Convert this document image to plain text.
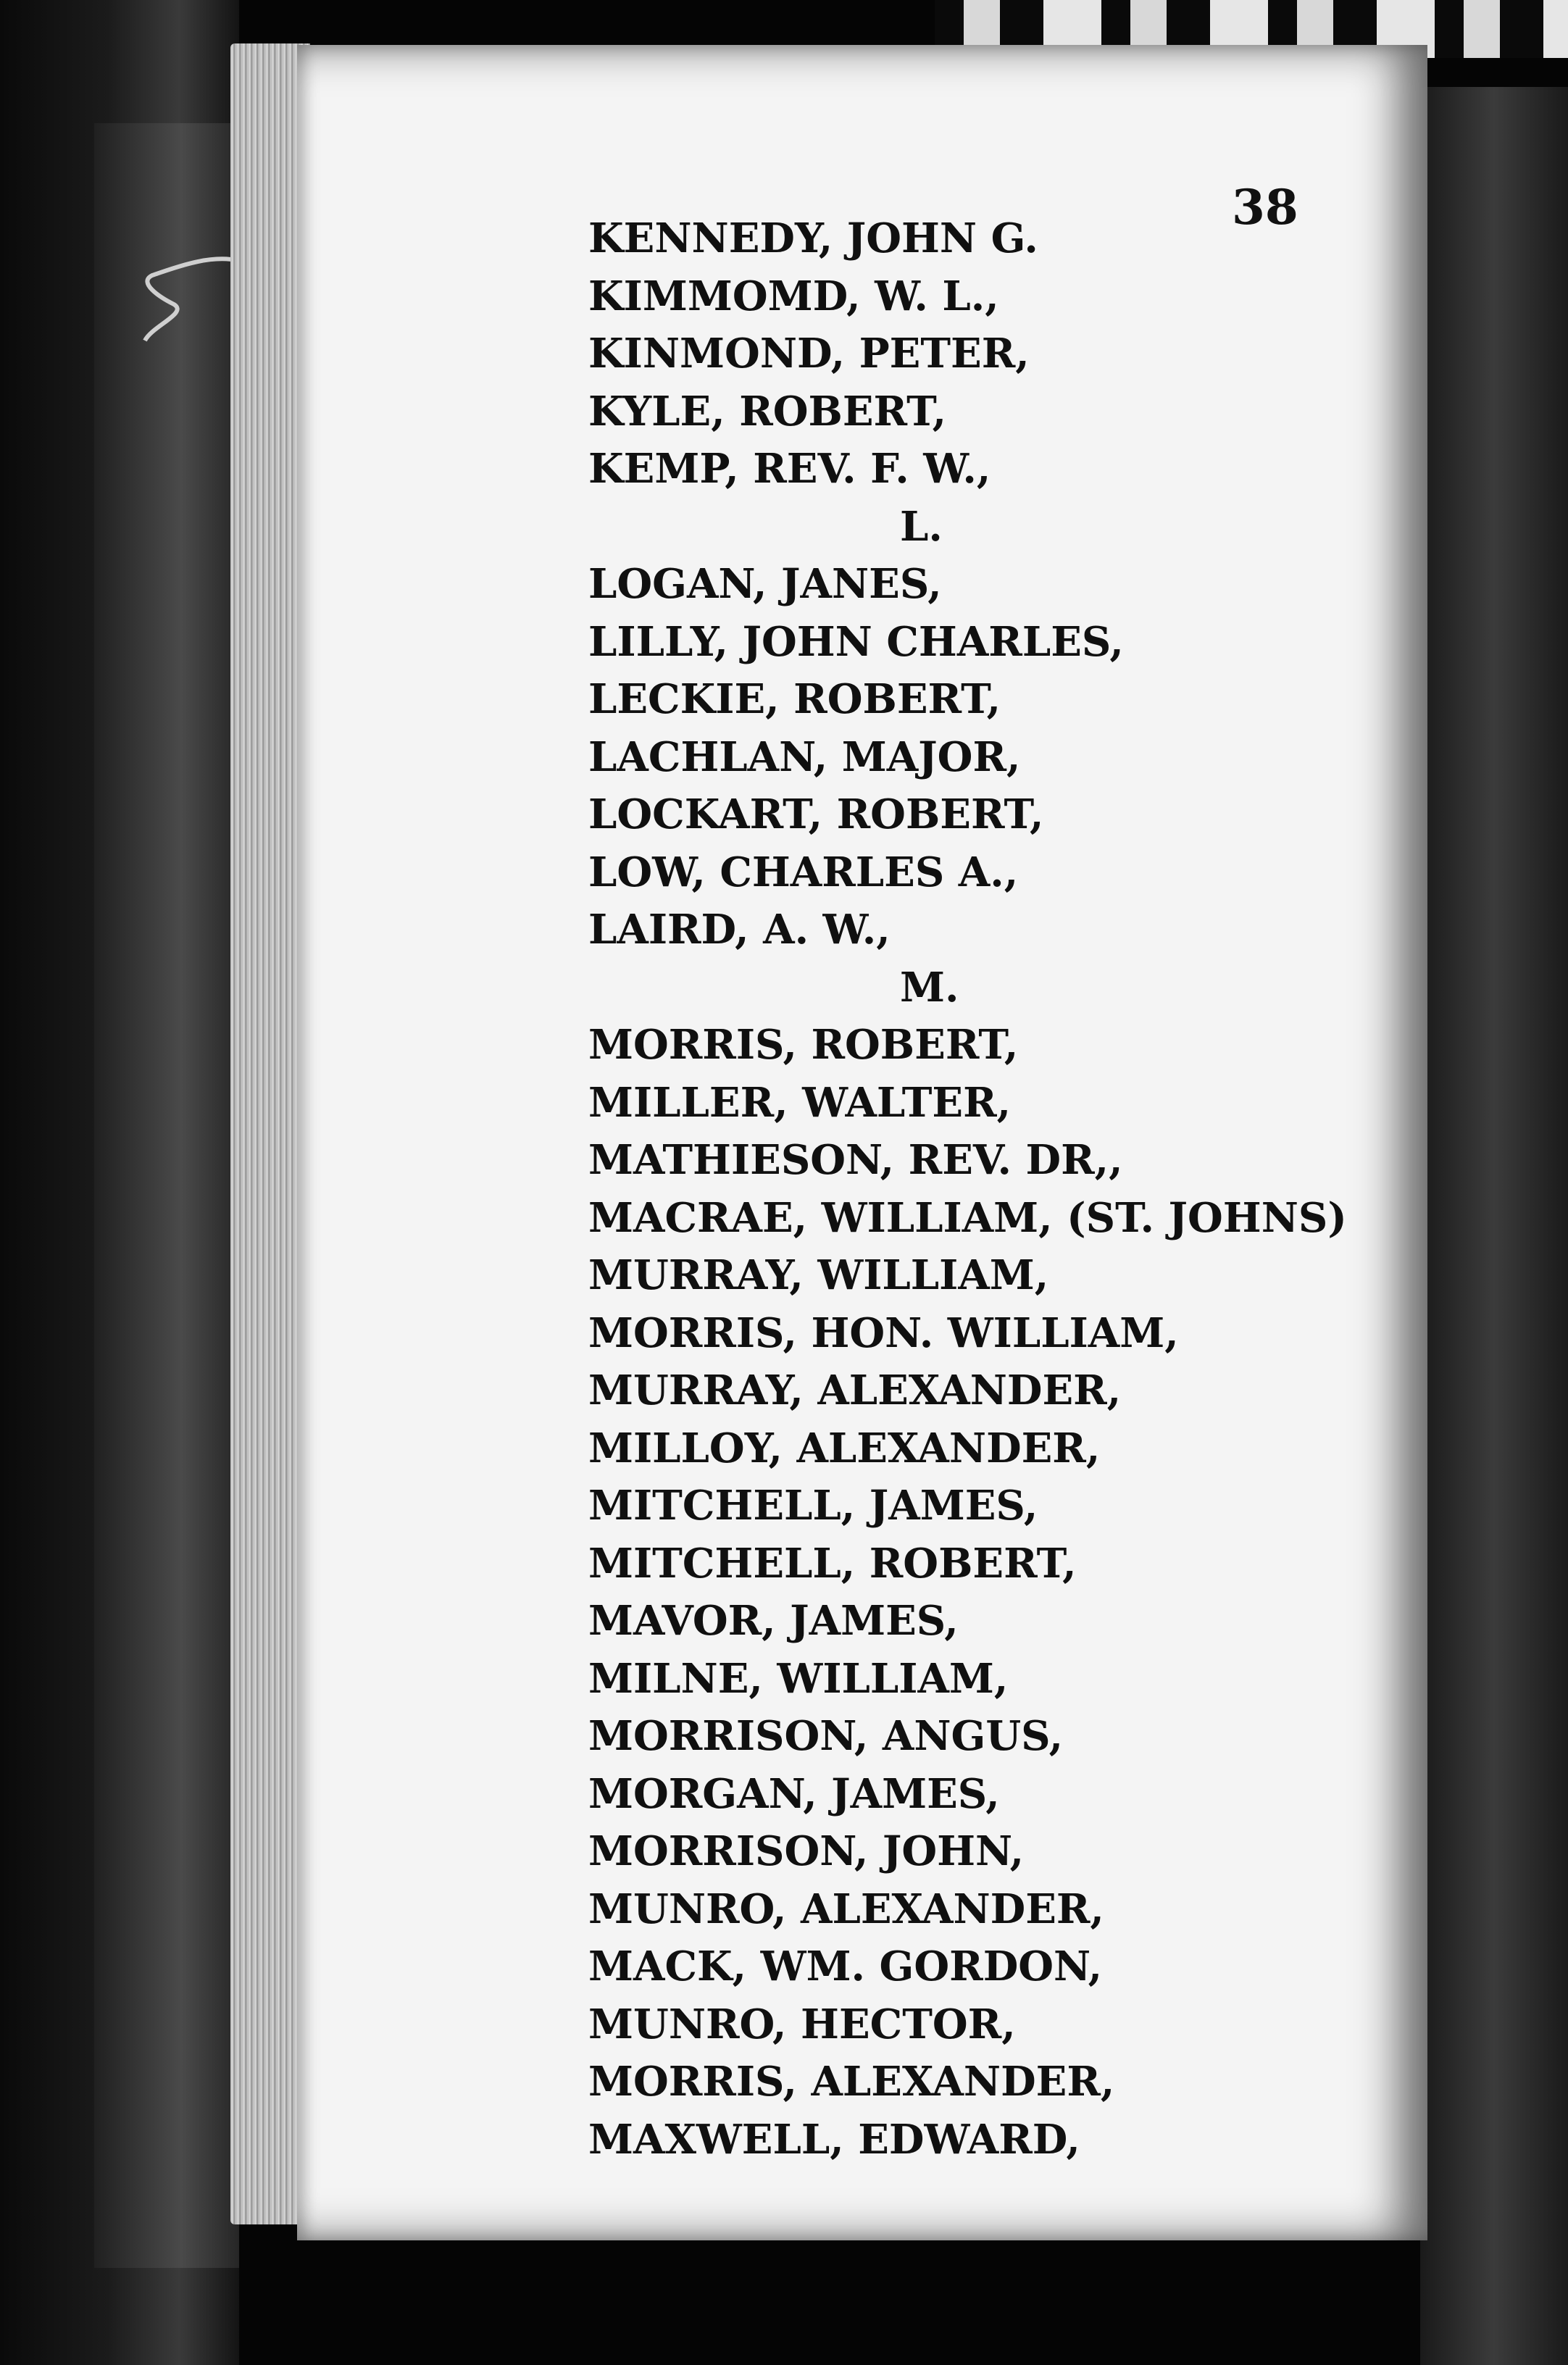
38
KENNEDY, JOHN G.
KIMMOMD, W. L.,
KINMOND, PETER,
KYLE, ROBERT,
KEMP, REV. F. W.,
L.
LOGAN, JANES,
LILLY, JOHN CHARLES,
LECKIE, ROBERT,
LACHLAN, MAJOR,
LOCKART, ROBERT,
LOW, CHARLES A.,
LAIRD, A. W.,
M.
MORRIS, ROBERT,
MILLER, WALTER,
MATHIESON, REV. DR,,
MACRAE, WILLIAM, (ST. JOHNS)
MURRAY, WILLIAM,
MORRIS, HON. WILLIAM,
MURRAY, ALEXANDER,
MILLOY, ALEXANDER,
MITCHELL, JAMES,
MITCHELL, ROBERT,
MAVOR, JAMES,
MILNE, WILLIAM,
MORRISON, ANGUS,
MORGAN, JAMES,
MORRISON, JOHN,
MUNRO, ALEXANDER,
MACK, WM. GORDON,
MUNRO, HECTOR,
MORRIS, ALEXANDER,
MAXWELL, EDWARD,
